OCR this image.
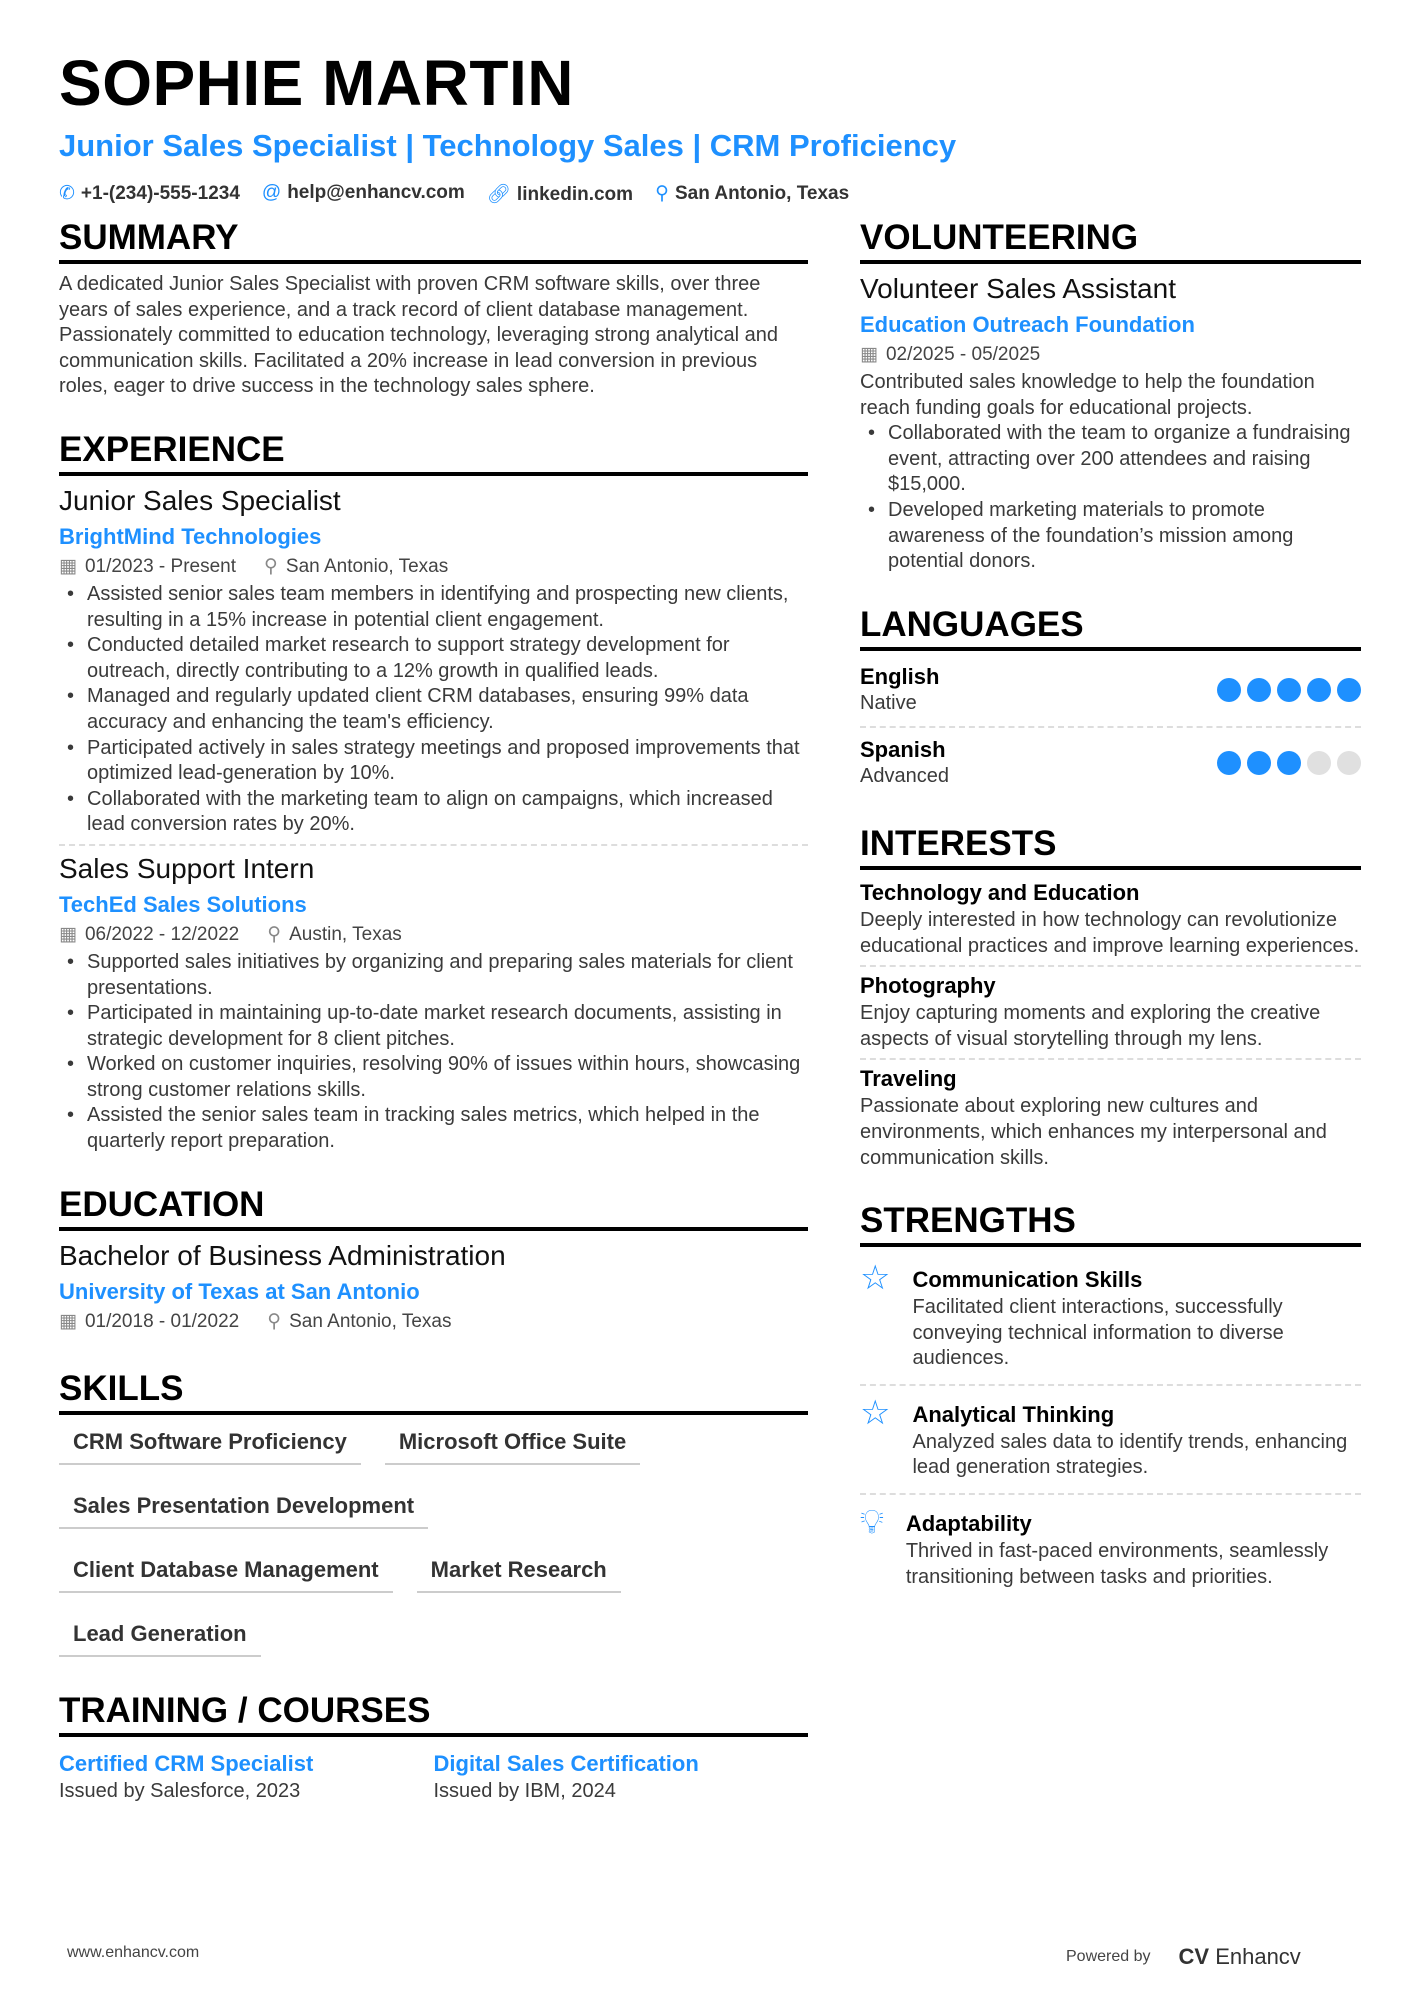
SOPHIE MARTIN
Junior Sales Specialist | Technology Sales | CRM Proficiency
✆ +1-(234)-555-1234 @ help@enhancv.com 🔗︎ linkedin.com ⚲ San Antonio, Texas
SUMMARY
A dedicated Junior Sales Specialist with proven CRM software skills, over three years of sales experience, and a track record of client database management. Passionately committed to education technology, leveraging strong analytical and communication skills. Facilitated a 20% increase in lead conversion in previous roles, eager to drive success in the technology sales sphere.
EXPERIENCE
Junior Sales Specialist
BrightMind Technologies
▦ 01/2023 - Present ⚲ San Antonio, Texas
• Assisted senior sales team members in identifying and prospecting new clients, resulting in a 15% increase in potential client engagement.
• Conducted detailed market research to support strategy development for outreach, directly contributing to a 12% growth in qualified leads.
• Managed and regularly updated client CRM databases, ensuring 99% data accuracy and enhancing the team's efficiency.
• Participated actively in sales strategy meetings and proposed improvements that optimized lead-generation by 10%.
• Collaborated with the marketing team to align on campaigns, which increased lead conversion rates by 20%.
Sales Support Intern
TechEd Sales Solutions
▦ 06/2022 - 12/2022 ⚲ Austin, Texas
• Supported sales initiatives by organizing and preparing sales materials for client presentations.
• Participated in maintaining up-to-date market research documents, assisting in strategic development for 8 client pitches.
• Worked on customer inquiries, resolving 90% of issues within hours, showcasing strong customer relations skills.
• Assisted the senior sales team in tracking sales metrics, which helped in the quarterly report preparation.
EDUCATION
Bachelor of Business Administration
University of Texas at San Antonio
▦ 01/2018 - 01/2022 ⚲ San Antonio, Texas
SKILLS
CRM Software Proficiency	Microsoft Office Suite
Sales Presentation Development
Client Database Management	Market Research
Lead Generation
TRAINING / COURSES
Certified CRM Specialist
Issued by Salesforce, 2023
Digital Sales Certification
Issued by IBM, 2024
VOLUNTEERING
Volunteer Sales Assistant
Education Outreach Foundation
▦ 02/2025 - 05/2025
Contributed sales knowledge to help the foundation reach funding goals for educational projects.
• Collaborated with the team to organize a fundraising event, attracting over 200 attendees and raising $15,000.
• Developed marketing materials to promote awareness of the foundation’s mission among potential donors.
LANGUAGES
English
Native
Spanish
Advanced
INTERESTS
Technology and Education
Deeply interested in how technology can revolutionize educational practices and improve learning experiences.
Photography
Enjoy capturing moments and exploring the creative aspects of visual storytelling through my lens.
Traveling
Passionate about exploring new cultures and environments, which enhances my interpersonal and communication skills.
STRENGTHS
☆ Communication Skills
Facilitated client interactions, successfully conveying technical information to diverse audiences.
☆ Analytical Thinking
Analyzed sales data to identify trends, enhancing lead generation strategies.
💡︎ Adaptability
Thrived in fast-paced environments, seamlessly transitioning between tasks and priorities.
www.enhancv.com	Powered by CV Enhancv
